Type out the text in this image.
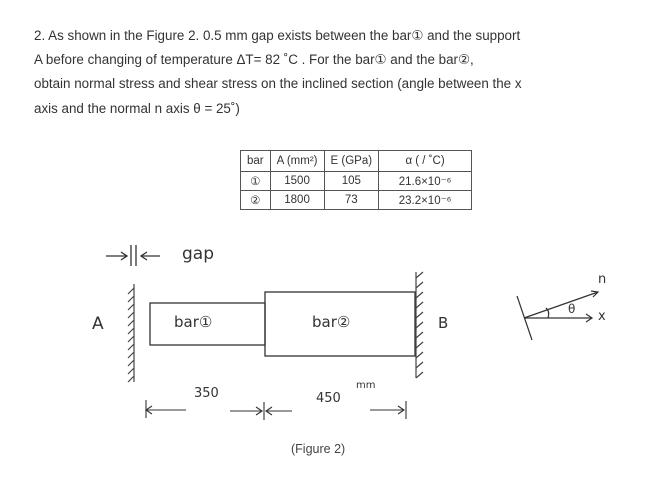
2. As shown in the Figure 2. 0.5 mm gap exists between the bar① and the support
A before changing of temperature ΔT= 82 ˚C . For the bar① and the bar②,
obtain normal stress and shear stress on the inclined section (angle between the x
axis and the normal n axis θ = 25˚)
bar	A (mm²)	E (GPa)	α ( / ˚C)
①	1500	105	21.6×10⁻⁶
②	1800	73	23.2×10⁻⁶
gap
A	bar①	bar②	B
350	450
mm
n
θ x
(Figure 2)
